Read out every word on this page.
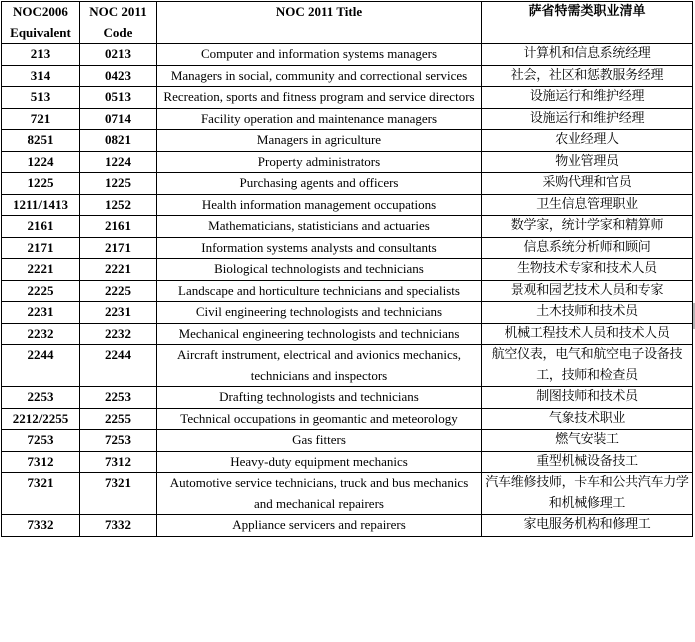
NOC2006 Equivalent	NOC 2011 Code	NOC 2011 Title	萨省特需类职业清单
213	0213	Computer and information systems managers	计算机和信息系统经理
314	0423	Managers in social, community and correctional services	社会，社区和惩教服务经理
513	0513	Recreation, sports and fitness program and service directors	设施运行和维护经理
721	0714	Facility operation and maintenance managers	设施运行和维护经理
8251	0821	Managers in agriculture	农业经理人
1224	1224	Property administrators	物业管理员
1225	1225	Purchasing agents and officers	采购代理和官员
1211/1413	1252	Health information management occupations	卫生信息管理职业
2161	2161	Mathematicians, statisticians and actuaries	数学家，统计学家和精算师
2171	2171	Information systems analysts and consultants	信息系统分析师和顾问
2221	2221	Biological technologists and technicians	生物技术专家和技术人员
2225	2225	Landscape and horticulture technicians and specialists	景观和园艺技术人员和专家
2231	2231	Civil engineering technologists and technicians	土木技师和技术员
2232	2232	Mechanical engineering technologists and technicians	机械工程技术人员和技术人员
2244	2244	Aircraft instrument, electrical and avionics mechanics, technicians and inspectors	航空仪表，电气和航空电子设备技工，技师和检查员
2253	2253	Drafting technologists and technicians	制图技师和技术员
2212/2255	2255	Technical occupations in geomantic and meteorology	气象技术职业
7253	7253	Gas fitters	燃气安装工
7312	7312	Heavy-duty equipment mechanics	重型机械设备技工
7321	7321	Automotive service technicians, truck and bus mechanics and mechanical repairers	汽车维修技师，卡车和公共汽车力学和机械修理工
7332	7332	Appliance servicers and repairers	家电服务机构和修理工
